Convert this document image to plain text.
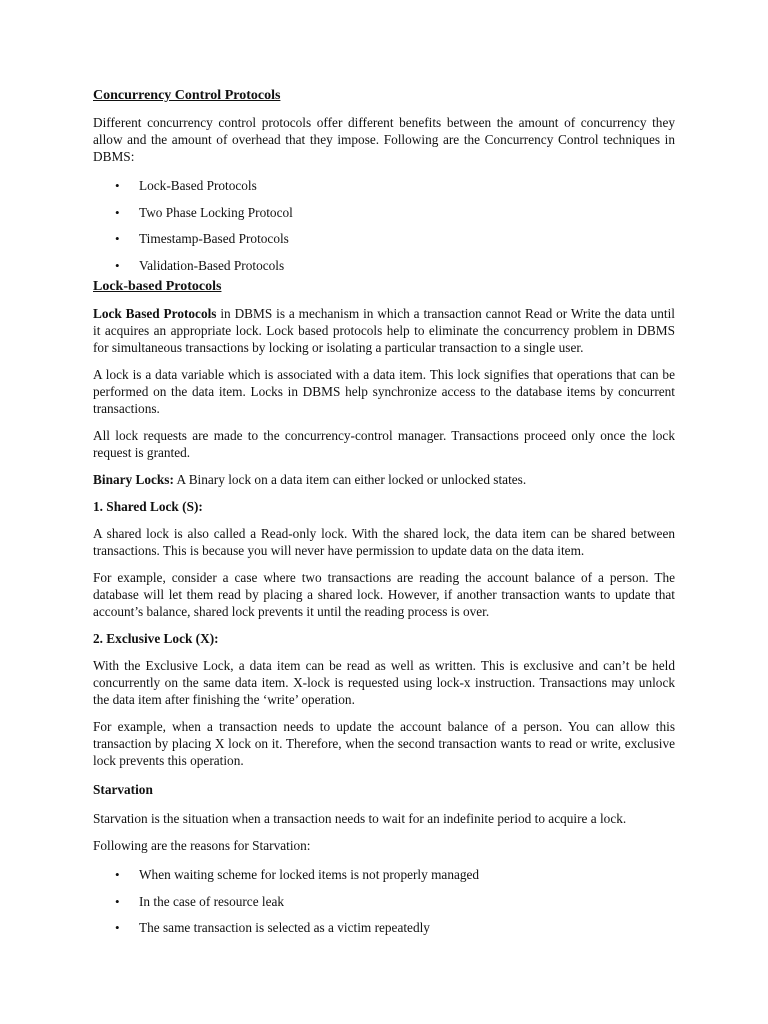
Concurrency Control Protocols

Different concurrency control protocols offer different benefits between the amount of concurrency they allow and the amount of overhead that they impose. Following are the Concurrency Control techniques in DBMS:

• Lock-Based Protocols
• Two Phase Locking Protocol
• Timestamp-Based Protocols
• Validation-Based Protocols
Lock-based Protocols

Lock Based Protocols in DBMS is a mechanism in which a transaction cannot Read or Write the data until it acquires an appropriate lock. Lock based protocols help to eliminate the concurrency problem in DBMS for simultaneous transactions by locking or isolating a particular transaction to a single user.

A lock is a data variable which is associated with a data item. This lock signifies that operations that can be performed on the data item. Locks in DBMS help synchronize access to the database items by concurrent transactions.

All lock requests are made to the concurrency-control manager. Transactions proceed only once the lock request is granted.

Binary Locks: A Binary lock on a data item can either locked or unlocked states.

1. Shared Lock (S):

A shared lock is also called a Read-only lock. With the shared lock, the data item can be shared between transactions. This is because you will never have permission to update data on the data item.

For example, consider a case where two transactions are reading the account balance of a person. The database will let them read by placing a shared lock. However, if another transaction wants to update that account’s balance, shared lock prevents it until the reading process is over.

2. Exclusive Lock (X):

With the Exclusive Lock, a data item can be read as well as written. This is exclusive and can’t be held concurrently on the same data item. X-lock is requested using lock-x instruction. Transactions may unlock the data item after finishing the ‘write’ operation.

For example, when a transaction needs to update the account balance of a person. You can allow this transaction by placing X lock on it. Therefore, when the second transaction wants to read or write, exclusive lock prevents this operation.

Starvation

Starvation is the situation when a transaction needs to wait for an indefinite period to acquire a lock.

Following are the reasons for Starvation:

• When waiting scheme for locked items is not properly managed
• In the case of resource leak
• The same transaction is selected as a victim repeatedly
